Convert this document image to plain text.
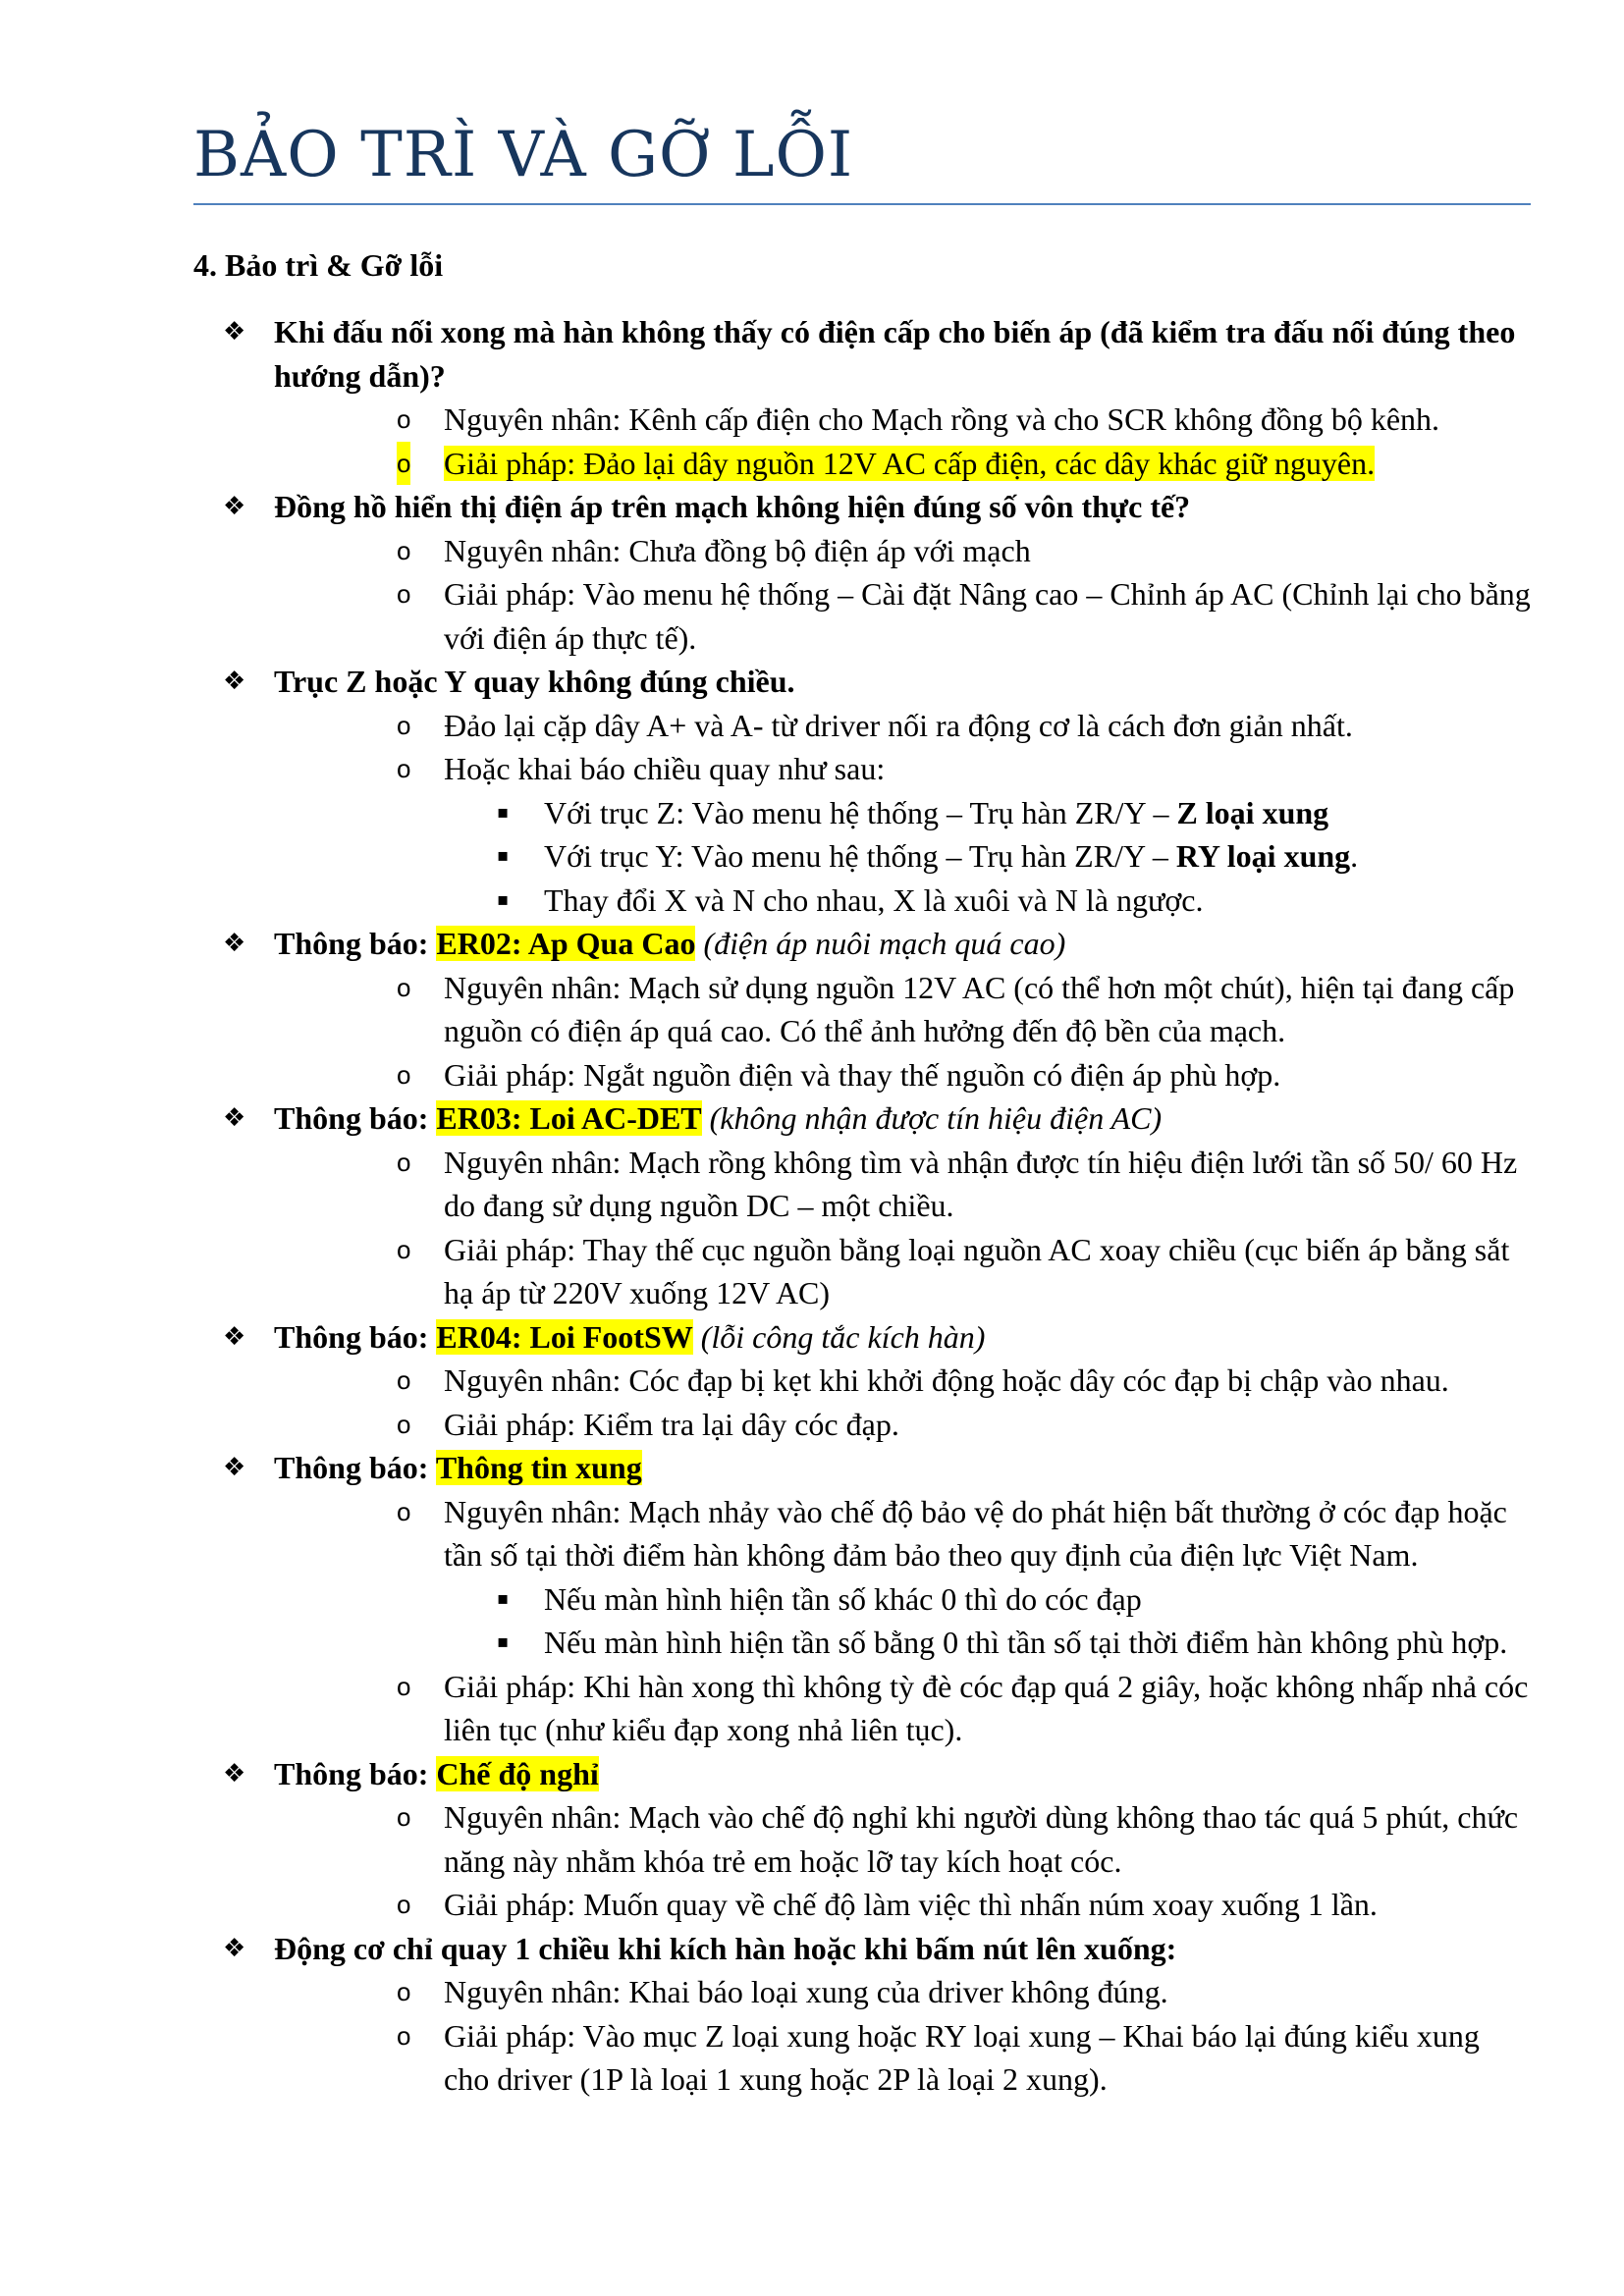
BẢO TRÌ VÀ GỠ LỖI
4. Bảo trì & Gỡ lỗi
❖ Khi đấu nối xong mà hàn không thấy có điện cấp cho biến áp (đã kiểm tra đấu nối đúng theo hướng dẫn)?
o Nguyên nhân: Kênh cấp điện cho Mạch rồng và cho SCR không đồng bộ kênh.
o Giải pháp: Đảo lại dây nguồn 12V AC cấp điện, các dây khác giữ nguyên.
❖ Đồng hồ hiển thị điện áp trên mạch không hiện đúng số vôn thực tế?
o Nguyên nhân: Chưa đồng bộ điện áp với mạch
o Giải pháp: Vào menu hệ thống – Cài đặt Nâng cao – Chỉnh áp AC (Chỉnh lại cho bằng với điện áp thực tế).
❖ Trục Z hoặc Y quay không đúng chiều.
o Đảo lại cặp dây A+ và A- từ driver nối ra động cơ là cách đơn giản nhất.
o Hoặc khai báo chiều quay như sau:
▪ Với trục Z: Vào menu hệ thống – Trụ hàn ZR/Y – Z loại xung
▪ Với trục Y: Vào menu hệ thống – Trụ hàn ZR/Y – RY loại xung.
▪ Thay đổi X và N cho nhau, X là xuôi và N là ngược.
❖ Thông báo: ER02: Ap Qua Cao (điện áp nuôi mạch quá cao)
o Nguyên nhân: Mạch sử dụng nguồn 12V AC (có thể hơn một chút), hiện tại đang cấp nguồn có điện áp quá cao. Có thể ảnh hưởng đến độ bền của mạch.
o Giải pháp: Ngắt nguồn điện và thay thế nguồn có điện áp phù hợp.
❖ Thông báo: ER03: Loi AC-DET (không nhận được tín hiệu điện AC)
o Nguyên nhân: Mạch rồng không tìm và nhận được tín hiệu điện lưới tần số 50/ 60 Hz do đang sử dụng nguồn DC – một chiều.
o Giải pháp: Thay thế cục nguồn bằng loại nguồn AC xoay chiều (cục biến áp bằng sắt hạ áp từ 220V xuống 12V AC)
❖ Thông báo: ER04: Loi FootSW (lỗi công tắc kích hàn)
o Nguyên nhân: Cóc đạp bị kẹt khi khởi động hoặc dây cóc đạp bị chập vào nhau.
o Giải pháp: Kiểm tra lại dây cóc đạp.
❖ Thông báo: Thông tin xung
o Nguyên nhân: Mạch nhảy vào chế độ bảo vệ do phát hiện bất thường ở cóc đạp hoặc tần số tại thời điểm hàn không đảm bảo theo quy định của điện lực Việt Nam.
▪ Nếu màn hình hiện tần số khác 0 thì do cóc đạp
▪ Nếu màn hình hiện tần số bằng 0 thì tần số tại thời điểm hàn không phù hợp.
o Giải pháp: Khi hàn xong thì không tỳ đè cóc đạp quá 2 giây, hoặc không nhấp nhả cóc liên tục (như kiểu đạp xong nhả liên tục).
❖ Thông báo: Chế độ nghỉ
o Nguyên nhân: Mạch vào chế độ nghỉ khi người dùng không thao tác quá 5 phút, chức năng này nhằm khóa trẻ em hoặc lỡ tay kích hoạt cóc.
o Giải pháp: Muốn quay về chế độ làm việc thì nhấn núm xoay xuống 1 lần.
❖ Động cơ chỉ quay 1 chiều khi kích hàn hoặc khi bấm nút lên xuống:
o Nguyên nhân: Khai báo loại xung của driver không đúng.
o Giải pháp: Vào mục Z loại xung hoặc RY loại xung – Khai báo lại đúng kiểu xung cho driver (1P là loại 1 xung hoặc 2P là loại 2 xung).
